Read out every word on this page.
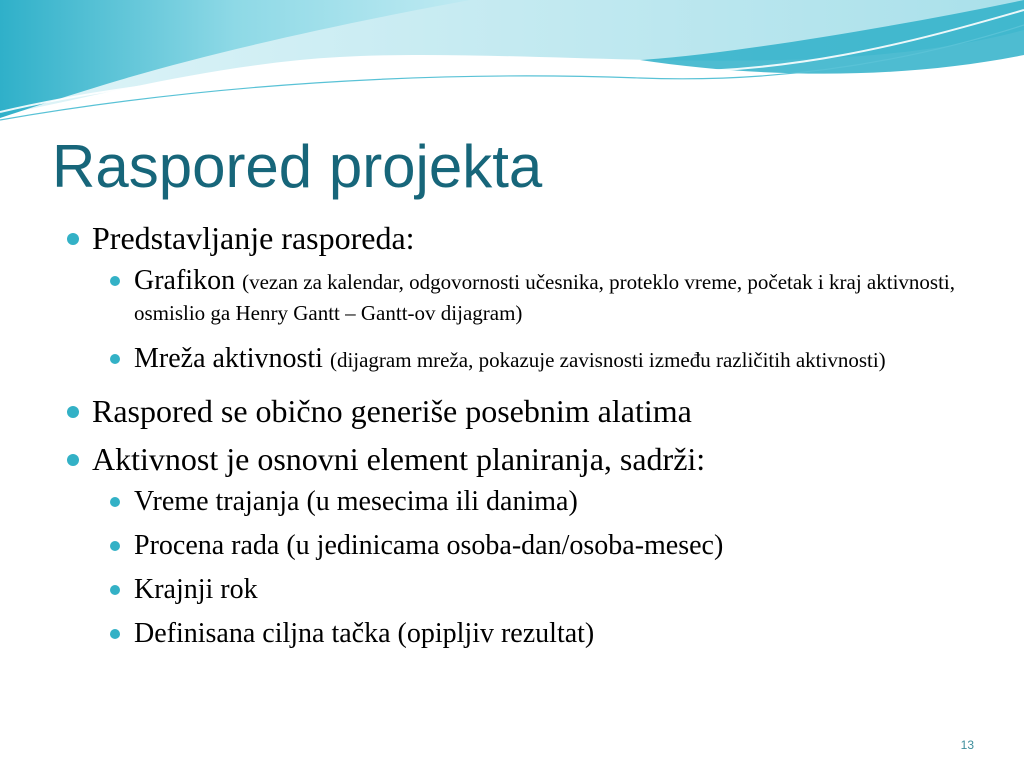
Raspored projekta
Predstavljanje rasporeda:
Grafikon (vezan za kalendar, odgovornosti učesnika, proteklo vreme, početak i kraj aktivnosti, osmislio ga Henry Gantt – Gantt-ov dijagram)
Mreža aktivnosti (dijagram mreža, pokazuje zavisnosti između različitih aktivnosti)
Raspored se obično generiše posebnim alatima
Aktivnost je osnovni element planiranja, sadrži:
Vreme trajanja (u mesecima ili danima)
Procena rada (u jedinicama osoba-dan/osoba-mesec)
Krajnji rok
Definisana ciljna tačka (opipljiv rezultat)
13
